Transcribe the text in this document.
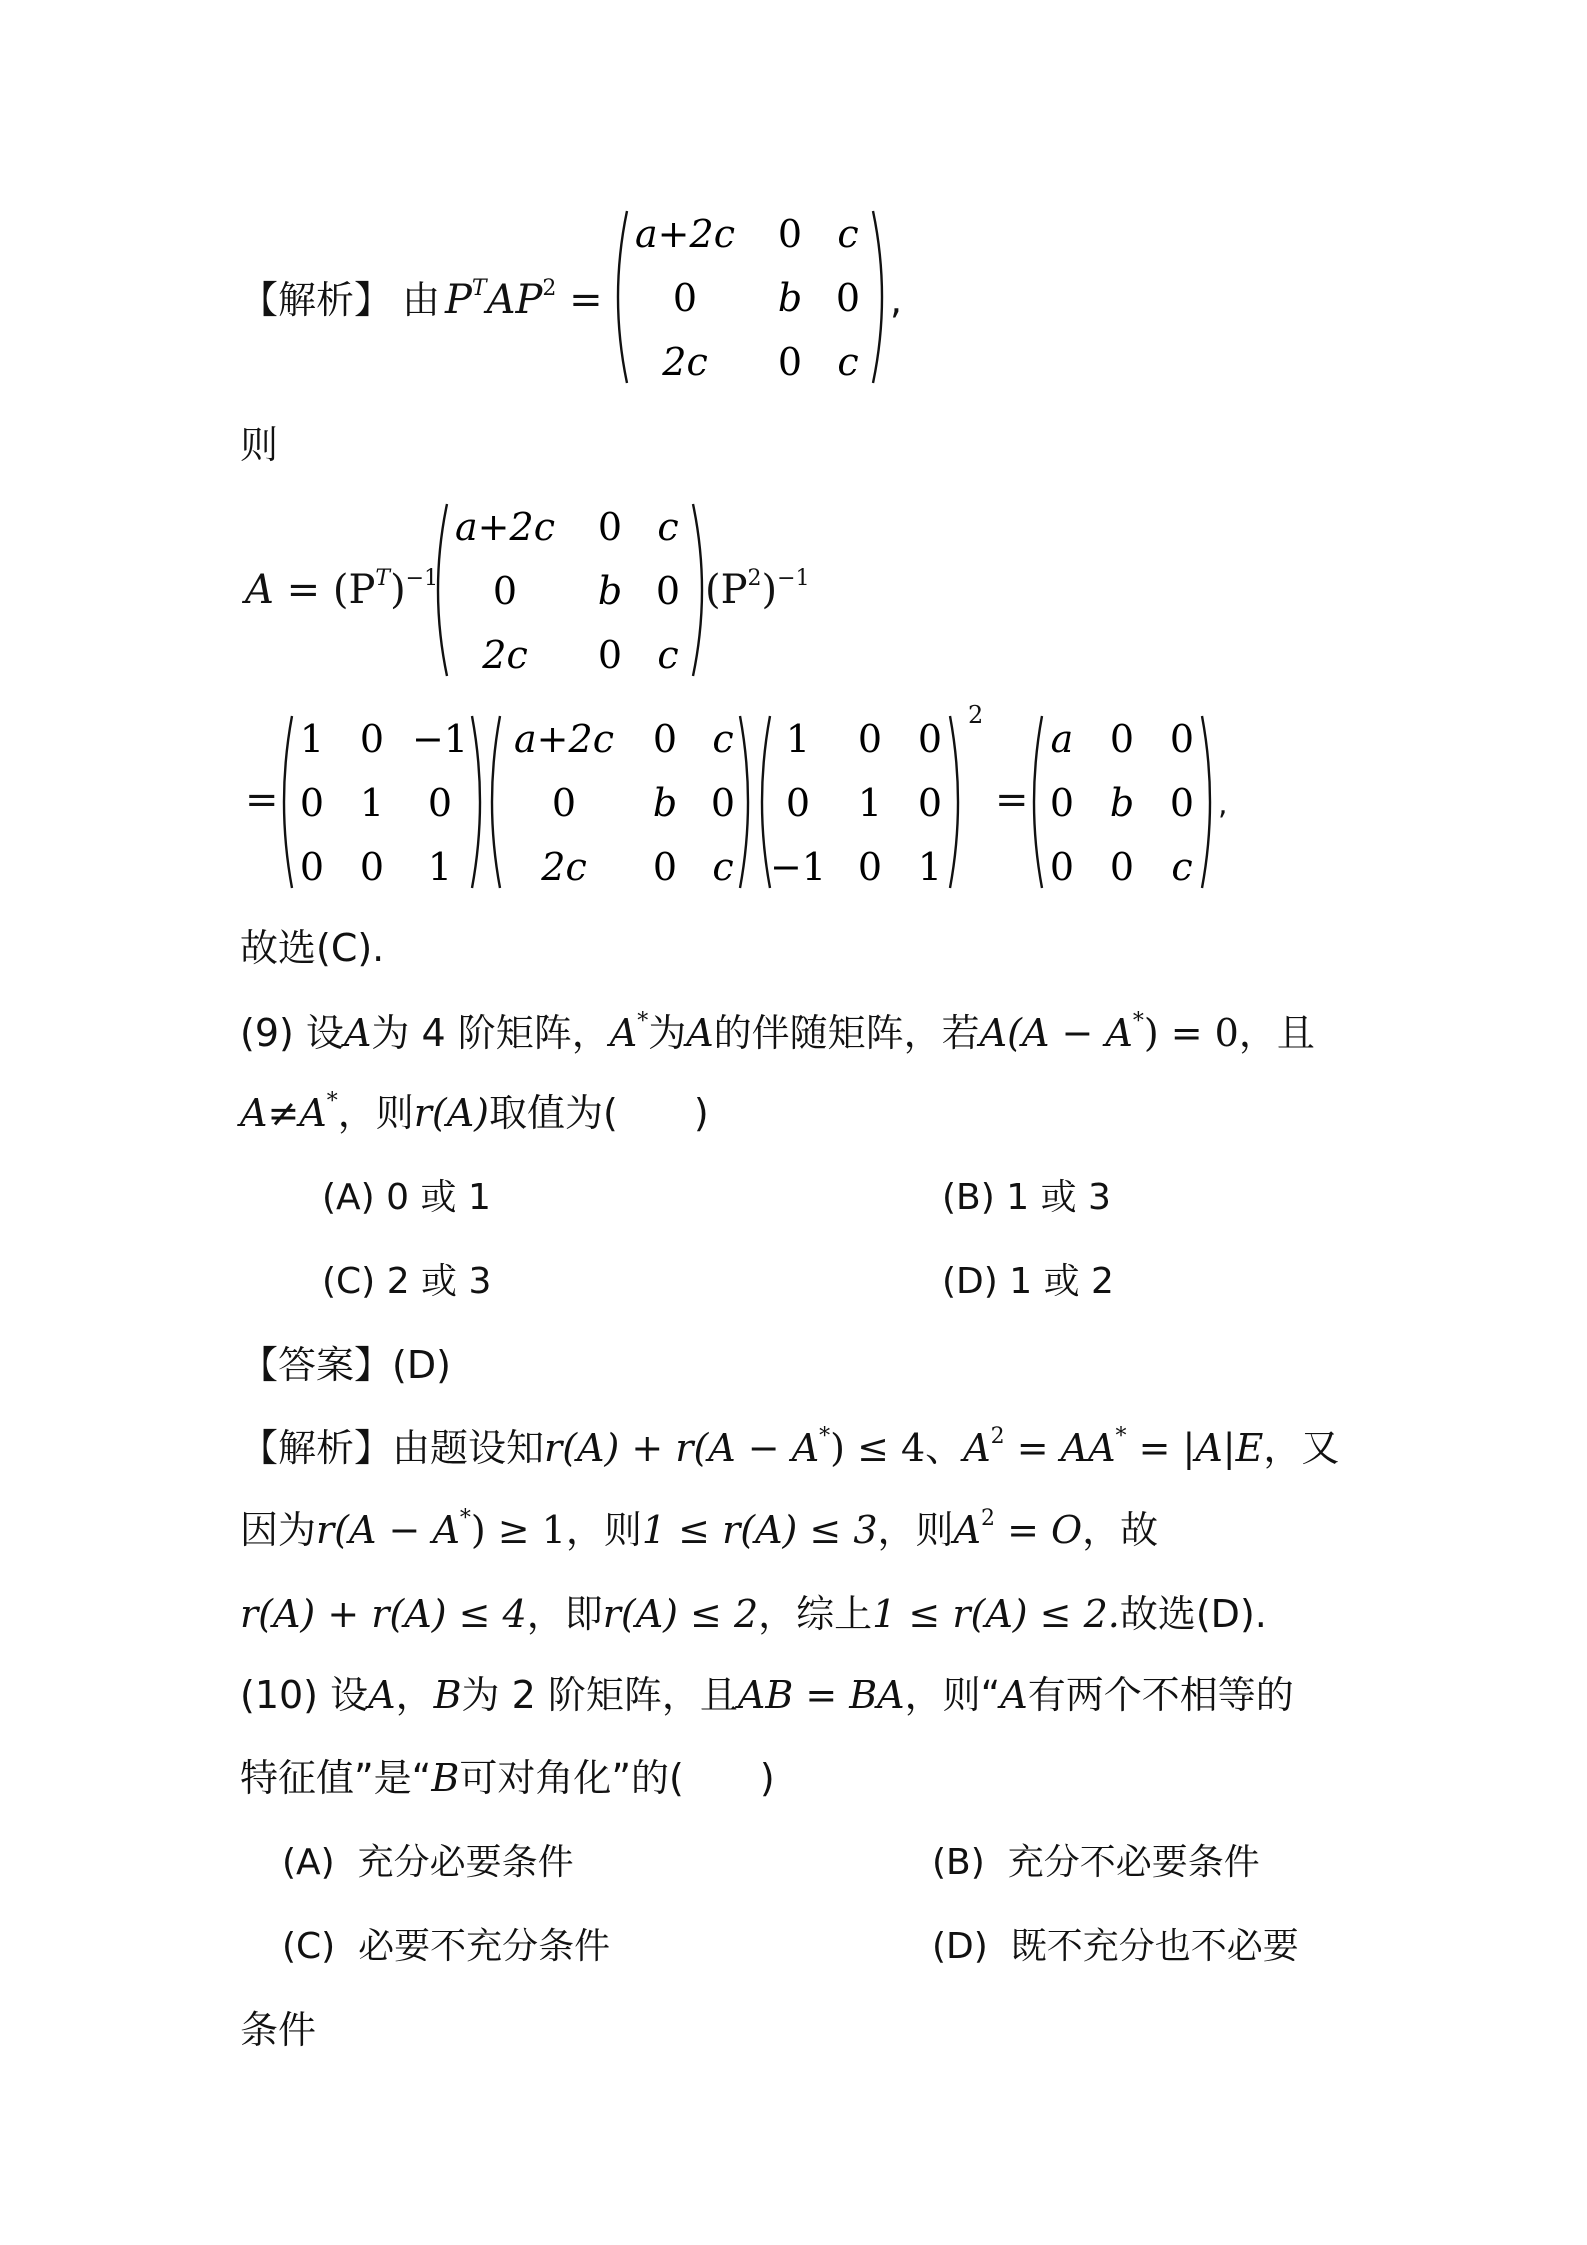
【解析】 由 $P^TAP^2$ =
a+2c 0 c
0 b 0
2c 0 c
,
则
$A = (P^T)^{-1}$
a+2c 0 c
0 b 0
2c 0 c
$(P^2)^{-1}$
=
1 0 −1
0 1 0
0 0 1
a+2c 0 c
0 b 0
2c 0 c
1 0 0
0 1 0
−1 0 1
2
=
a 0 0
0 b 0
0 0 c
,
故选(C).
(9) 设A为 4 阶矩阵，A*为A的伴随矩阵，若A(A − A*) = 0，且
A≠A*，则r(A)取值为(　　)
(A) 0 或 1	(B) 1 或 3
(C) 2 或 3	(D) 1 或 2
【答案】(D)
【解析】由题设知r(A) + r(A − A*) ≤ 4、$A^2 = AA^* = |A|E$，又
因为r(A − A*) ≥ 1，则1 ≤ r(A) ≤ 3，则$A^2 = O$，故
r(A) + r(A) ≤ 4，即r(A) ≤ 2，综上1 ≤ r(A) ≤ 2.故选(D).
(10) 设A，B为 2 阶矩阵，且AB = BA，则“A有两个不相等的
特征值”是“B可对角化”的(　　)
(A) 充分必要条件	(B) 充分不必要条件
(C) 必要不充分条件	(D) 既不充分也不必要
条件
